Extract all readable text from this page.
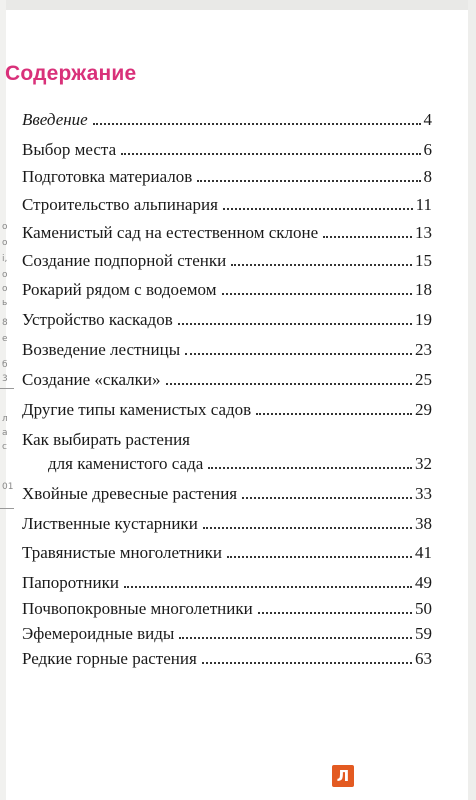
о
о
і,
о
о
ь
8
е
б
3
л
а
с
01
Содержание
Введение	4
Выбор места	6
Подготовка материалов	8
Строительство альпинария	11
Каменистый сад на естественном склоне	13
Создание подпорной стенки	15
Рокарий рядом с водоемом	18
Устройство каскадов	19
Возведение лестницы	23
Создание «скалки»	25
Другие типы каменистых садов	29
Как выбирать растения
для каменистого сада	32
Хвойные древесные растения	33
Лиственные кустарники	38
Травянистые многолетники	41
Папоротники	49
Почвопокровные многолетники	50
Эфемероидные виды	59
Редкие горные растения	63
Л
